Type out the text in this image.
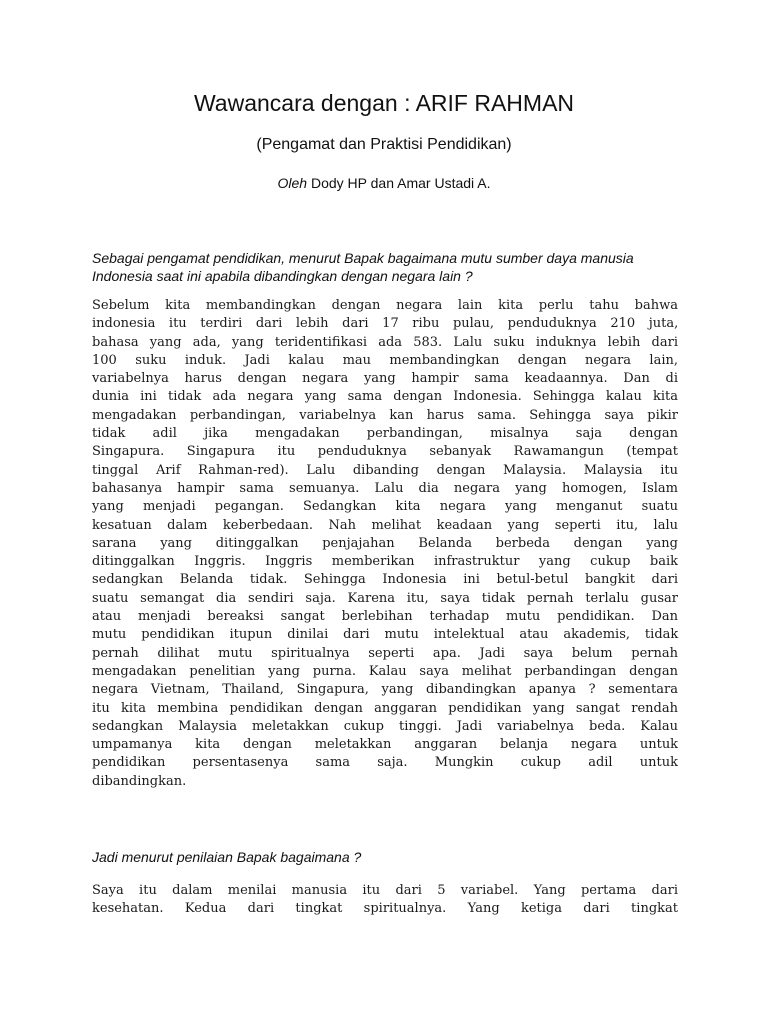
Wawancara dengan : ARIF RAHMAN
(Pengamat dan Praktisi Pendidikan)
Oleh Dody HP dan Amar Ustadi A.
Sebagai pengamat pendidikan, menurut Bapak bagaimana mutu sumber daya manusia
Indonesia saat ini apabila dibandingkan dengan negara lain ?
Sebelum kita membandingkan dengan negara lain kita perlu tahu bahwa
indonesia itu terdiri dari lebih dari 17 ribu pulau, penduduknya 210 juta,
bahasa yang ada, yang teridentifikasi ada 583. Lalu suku induknya lebih dari
100 suku induk. Jadi kalau mau membandingkan dengan negara lain,
variabelnya harus dengan negara yang hampir sama keadaannya. Dan di
dunia ini tidak ada negara yang sama dengan Indonesia. Sehingga kalau kita
mengadakan perbandingan, variabelnya kan harus sama. Sehingga saya pikir
tidak adil jika mengadakan perbandingan, misalnya saja dengan
Singapura. Singapura itu penduduknya sebanyak Rawamangun (tempat
tinggal Arif Rahman-red). Lalu dibanding dengan Malaysia. Malaysia itu
bahasanya hampir sama semuanya. Lalu dia negara yang homogen, Islam
yang menjadi pegangan. Sedangkan kita negara yang menganut suatu
kesatuan dalam keberbedaan. Nah melihat keadaan yang seperti itu, lalu
sarana yang ditinggalkan penjajahan Belanda berbeda dengan yang
ditinggalkan Inggris. Inggris memberikan infrastruktur yang cukup baik
sedangkan Belanda tidak. Sehingga Indonesia ini betul-betul bangkit dari
suatu semangat dia sendiri saja. Karena itu, saya tidak pernah terlalu gusar
atau menjadi bereaksi sangat berlebihan terhadap mutu pendidikan. Dan
mutu pendidikan itupun dinilai dari mutu intelektual atau akademis, tidak
pernah dilihat mutu spiritualnya seperti apa. Jadi saya belum pernah
mengadakan penelitian yang purna. Kalau saya melihat perbandingan dengan
negara Vietnam, Thailand, Singapura, yang dibandingkan apanya ? sementara
itu kita membina pendidikan dengan anggaran pendidikan yang sangat rendah
sedangkan Malaysia meletakkan cukup tinggi. Jadi variabelnya beda. Kalau
umpamanya kita dengan meletakkan anggaran belanja negara untuk
pendidikan persentasenya sama saja. Mungkin cukup adil untuk
dibandingkan.
Jadi menurut penilaian Bapak bagaimana ?
Saya itu dalam menilai manusia itu dari 5 variabel. Yang pertama dari
kesehatan. Kedua dari tingkat spiritualnya. Yang ketiga dari tingkat
